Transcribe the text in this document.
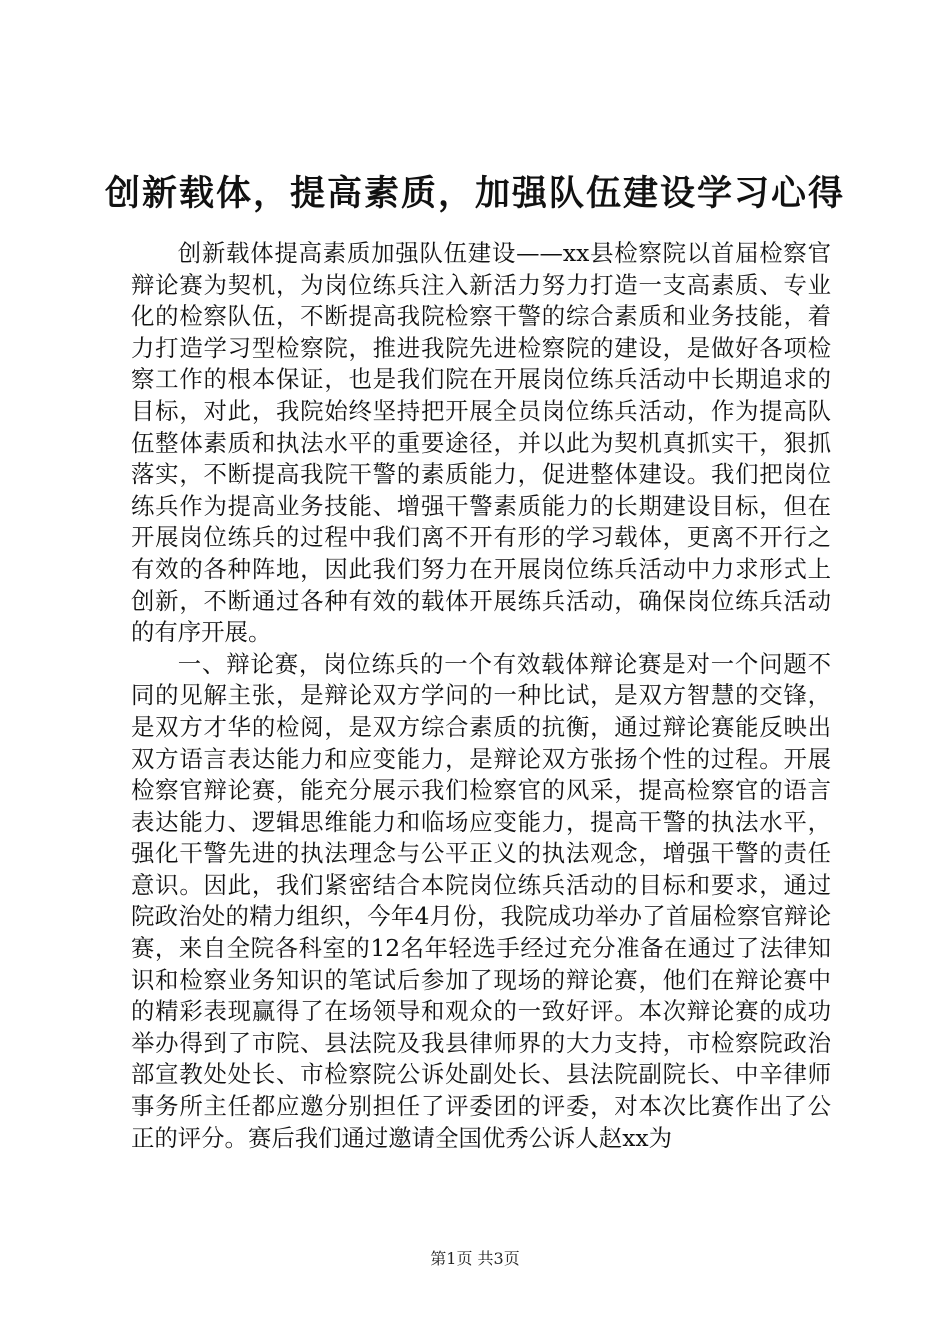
创新载体，提高素质，加强队伍建设学习心得

创新载体提高素质加强队伍建设——xx县检察院以首届检察官辩论赛为契机，为岗位练兵注入新活力努力打造一支高素质、专业化的检察队伍，不断提高我院检察干警的综合素质和业务技能，着力打造学习型检察院，推进我院先进检察院的建设，是做好各项检察工作的根本保证，也是我们院在开展岗位练兵活动中长期追求的目标，对此，我院始终坚持把开展全员岗位练兵活动，作为提高队伍整体素质和执法水平的重要途径，并以此为契机真抓实干，狠抓落实，不断提高我院干警的素质能力，促进整体建设。我们把岗位练兵作为提高业务技能、增强干警素质能力的长期建设目标，但在开展岗位练兵的过程中我们离不开有形的学习载体，更离不开行之有效的各种阵地，因此我们努力在开展岗位练兵活动中力求形式上创新，不断通过各种有效的载体开展练兵活动，确保岗位练兵活动的有序开展。

一、辩论赛，岗位练兵的一个有效载体辩论赛是对一个问题不同的见解主张，是辩论双方学问的一种比试，是双方智慧的交锋，是双方才华的检阅，是双方综合素质的抗衡，通过辩论赛能反映出双方语言表达能力和应变能力，是辩论双方张扬个性的过程。开展检察官辩论赛，能充分展示我们检察官的风采，提高检察官的语言表达能力、逻辑思维能力和临场应变能力，提高干警的执法水平，强化干警先进的执法理念与公平正义的执法观念，增强干警的责任意识。因此，我们紧密结合本院岗位练兵活动的目标和要求，通过院政治处的精力组织，今年4月份，我院成功举办了首届检察官辩论赛，来自全院各科室的12名年轻选手经过充分准备在通过了法律知识和检察业务知识的笔试后参加了现场的辩论赛，他们在辩论赛中的精彩表现赢得了在场领导和观众的一致好评。本次辩论赛的成功举办得到了市院、县法院及我县律师界的大力支持，市检察院政治部宣教处处长、市检察院公诉处副处长、县法院副院长、中辛律师事务所主任都应邀分别担任了评委团的评委，对本次比赛作出了公正的评分。赛后我们通过邀请全国优秀公诉人赵xx为

第1页 共3页
